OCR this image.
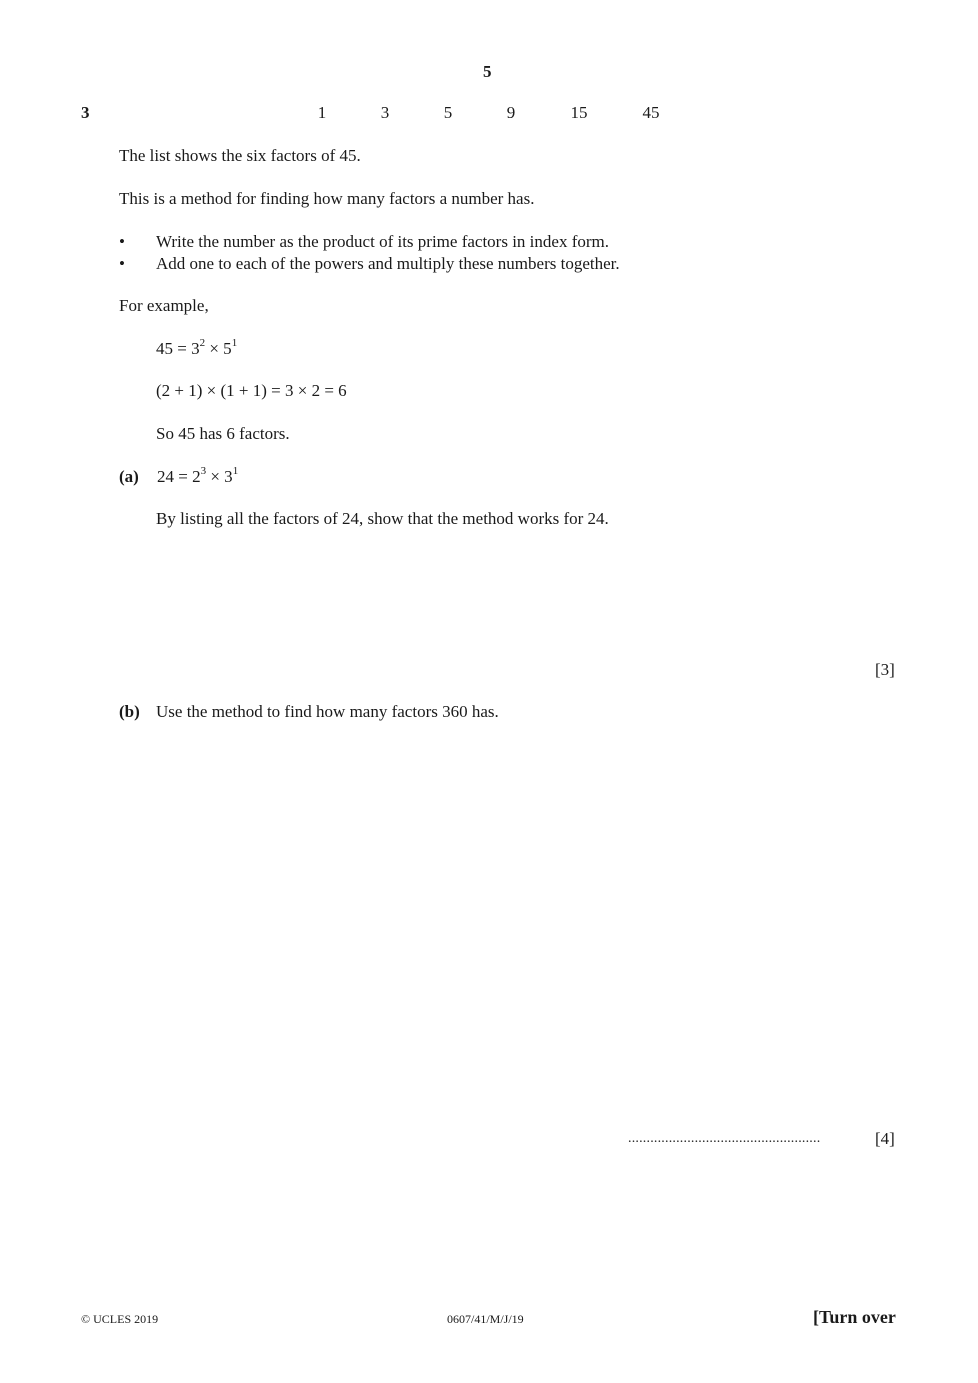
5
3	1	3	5	9	15	45
The list shows the six factors of 45.
This is a method for finding how many factors a number has.
• Write the number as the product of its prime factors in index form.
• Add one to each of the powers and multiply these numbers together.
For example,
$45 = 3^2 \times 5^1$
(2 + 1) × (1 + 1) = 3 × 2 = 6
So 45 has 6 factors.
(a) $24 = 2^3 \times 3^1$
By listing all the factors of 24, show that the method works for 24.
[3]
(b) Use the method to find how many factors 360 has.
....................................................	[4]
© UCLES 2019	0607/41/M/J/19	[Turn over
